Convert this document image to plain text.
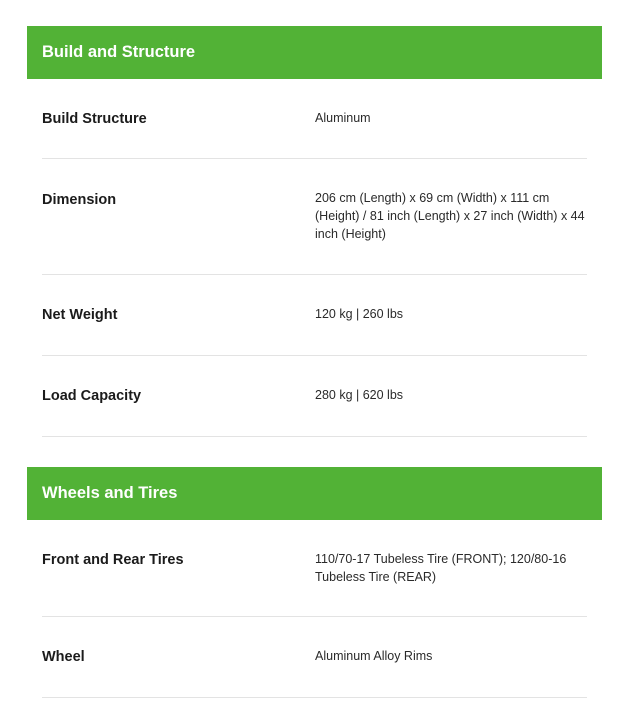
Build and Structure
Build Structure	Aluminum
Dimension	206 cm (Length) x 69 cm (Width) x 111 cm (Height) / 81 inch (Length) x 27 inch (Width) x 44 inch (Height)
Net Weight	120 kg | 260 lbs
Load Capacity	280 kg | 620 lbs
Wheels and Tires
Front and Rear Tires	110/70-17 Tubeless Tire (FRONT); 120/80-16 Tubeless Tire (REAR)
Wheel	Aluminum Alloy Rims
